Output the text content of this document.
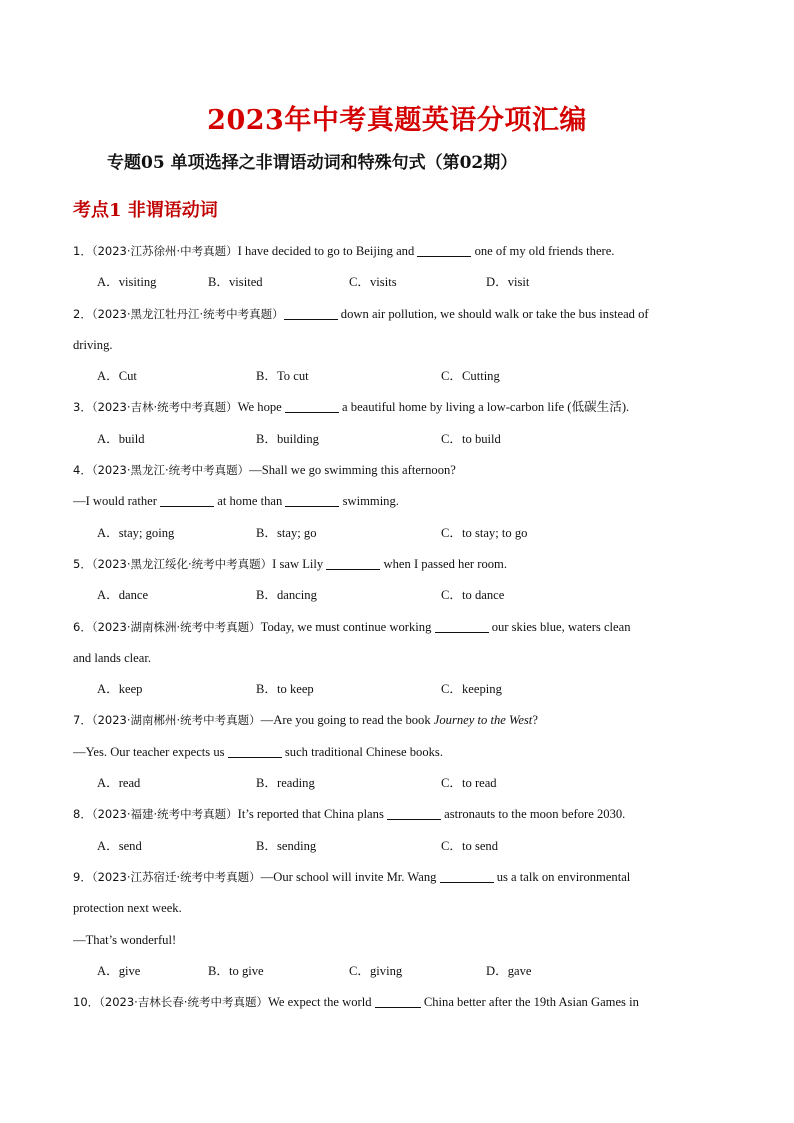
2023年中考真题英语分项汇编
专题05 单项选择之非谓语动词和特殊句式（第02期）
考点1 非谓语动词
1．（2023·江苏徐州·中考真题）I have decided to go to Beijing and	one of my old friends there.
A．visiting	B．visited	C．visits	D．visit
2．（2023·黑龙江牡丹江·统考中考真题）	down air pollution, we should walk or take the bus instead of
driving.
A．Cut	B．To cut	C．Cutting
3．（2023·吉林·统考中考真题）We hope	a beautiful home by living a low-carbon life (低碳生活).
A．build	B．building	C．to build
4．（2023·黑龙江·统考中考真题）—Shall we go swimming this afternoon?
—I would rather	at home than	swimming.
A．stay; going	B．stay; go	C．to stay; to go
5．（2023·黑龙江绥化·统考中考真题）I saw Lily	when I passed her room.
A．dance	B．dancing	C．to dance
6．（2023·湖南株洲·统考中考真题）Today, we must continue working	our skies blue, waters clean
and lands clear.
A．keep	B．to keep	C．keeping
7．（2023·湖南郴州·统考中考真题）—Are you going to read the book Journey to the West?
—Yes. Our teacher expects us	such traditional Chinese books.
A．read	B．reading	C．to read
8．（2023·福建·统考中考真题）It’s reported that China plans	astronauts to the moon before 2030.
A．send	B．sending	C．to send
9．（2023·江苏宿迁·统考中考真题）—Our school will invite Mr. Wang	us a talk on environmental
protection next week.
—That’s wonderful!
A．give	B．to give	C．giving	D．gave
10．（2023·吉林长春·统考中考真题）We expect the world	China better after the 19th Asian Games in
